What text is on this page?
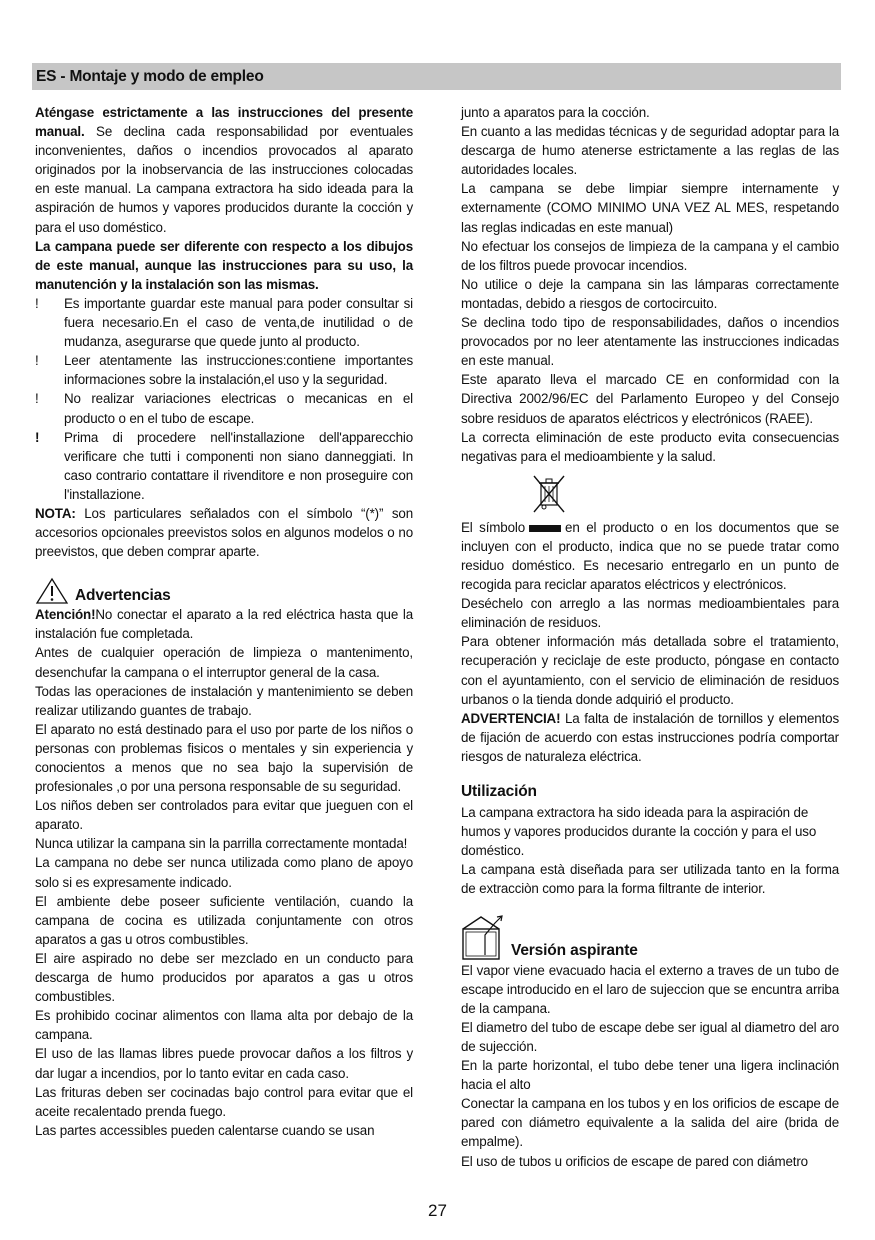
ES - Montaje y modo de empleo

Aténgase estrictamente a las instrucciones del presente manual. Se declina cada responsabilidad por eventuales inconvenientes, daños o incendios provocados al aparato originados por la inobservancia de las instrucciones colocadas en este manual. La campana extractora ha sido ideada para la aspiración de humos y vapores producidos durante la cocción y para el uso doméstico.

La campana puede ser diferente con respecto a los dibujos de este manual, aunque las instrucciones para su uso, la manutención y la instalación son las mismas.

! Es importante guardar este manual para poder consultar si fuera necesario.En el caso de venta,de inutilidad o de mudanza, asegurarse que quede junto al producto.
! Leer atentamente las instrucciones:contiene importantes informaciones sobre la instalación,el uso y la seguridad.
! No realizar variaciones electricas o mecanicas en el producto o en el tubo de escape.
! Prima di procedere nell'installazione dell'apparecchio verificare che tutti i componenti non siano danneggiati. In caso contrario contattare il rivenditore e non proseguire con l'installazione.

NOTA: Los particulares señalados con el símbolo “(*)” son accesorios opcionales preevistos solos en algunos modelos o no preevistos, que deben comprar aparte.

Advertencias

Atención!No conectar el aparato a la red eléctrica hasta que la instalación fue completada.

Antes de cualquier operación de limpieza o mantenimento, desenchufar la campana o el interruptor general de la casa.

Todas las operaciones de instalación y mantenimiento se deben realizar utilizando guantes de trabajo.

El aparato no está destinado para el uso por parte de los niños o personas con problemas fisicos o mentales y sin experiencia y conocientos a menos que no sea bajo la supervisión de profesionales ,o por una persona responsable de su seguridad.

Los niños deben ser controlados para evitar que jueguen con el aparato.

Nunca utilizar la campana sin la parrilla correctamente montada!

La campana no debe ser nunca utilizada como plano de apoyo solo si es expresamente indicado.

El ambiente debe poseer suficiente ventilación, cuando la campana de cocina es utilizada conjuntamente con otros aparatos a gas u otros combustibles.

El aire aspirado no debe ser mezclado en un conducto para descarga de humo producidos por aparatos a gas u otros combustibles.

Es prohibido cocinar alimentos con llama alta por debajo de la campana.

El uso de las llamas libres puede provocar daños a los filtros y dar lugar a incendios, por lo tanto evitar en cada caso.

Las frituras deben ser cocinadas bajo control para evitar que el aceite recalentado prenda fuego.

Las partes accessibles pueden calentarse cuando se usan

junto a aparatos para la cocción.

En cuanto a las medidas técnicas y de seguridad adoptar para la descarga de humo atenerse estrictamente a las reglas de las autoridades locales.

La campana se debe limpiar siempre internamente y externamente (COMO MINIMO UNA VEZ AL MES, respetando las reglas indicadas en este manual)

No efectuar los consejos de limpieza de la campana y el cambio de los filtros puede provocar incendios.

No utilice o deje la campana sin las lámparas correctamente montadas, debido a riesgos de cortocircuito.

Se declina todo tipo de responsabilidades, daños o incendios provocados por no leer atentamente las instrucciones indicadas en este manual.

Este aparato lleva el marcado CE en conformidad con la Directiva 2002/96/EC del Parlamento Europeo y del Consejo sobre residuos de aparatos eléctricos y electrónicos (RAEE).

La correcta eliminación de este producto evita consecuencias negativas para el medioambiente y la salud.

El símbolo	en el producto o en los documentos que se incluyen con el producto, indica que no se puede tratar como residuo doméstico. Es necesario entregarlo en un punto de recogida para reciclar aparatos eléctricos y electrónicos.

Deséchelo con arreglo a las normas medioambientales para eliminación de residuos.

Para obtener información más detallada sobre el tratamiento, recuperación y reciclaje de este producto, póngase en contacto con el ayuntamiento, con el servicio de eliminación de residuos urbanos o la tienda donde adquirió el producto.

ADVERTENCIA! La falta de instalación de tornillos y elementos de fijación de acuerdo con estas instrucciones podría comportar riesgos de naturaleza eléctrica.

Utilización

La campana extractora ha sido ideada para la aspiración de humos y vapores producidos durante la cocción y para el uso doméstico.

La campana està diseñada para ser utilizada tanto en la forma de extracciòn como para la forma filtrante de interior.

Versión aspirante

El vapor viene evacuado hacia el externo a traves de un tubo de escape introducido en el laro de sujeccion que se encuntra arriba de la campana.

El diametro del tubo de escape debe ser igual al diametro del aro de sujección.

En la parte horizontal, el tubo debe tener una ligera inclinación hacia el alto

Conectar la campana en los tubos y en los orificios de escape de pared con diámetro equivalente a la salida del aire (brida de empalme).

El uso de tubos u orificios de escape de pared con diámetro

27
